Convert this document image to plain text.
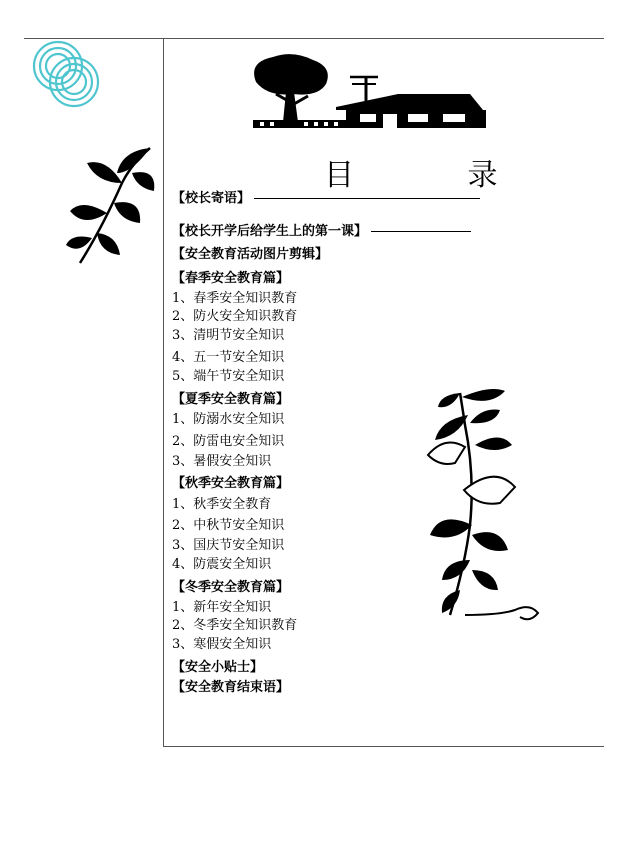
目 录
【校长寄语】
【校长开学后给学生上的第一课】
【安全教育活动图片剪辑】
【春季安全教育篇】
1、春季安全知识教育
2、防火安全知识教育
3、清明节安全知识
4、五一节安全知识
5、端午节安全知识
【夏季安全教育篇】
1、防溺水安全知识
2、防雷电安全知识
3、暑假安全知识
【秋季安全教育篇】
1、秋季安全教育
2、中秋节安全知识
3、国庆节安全知识
4、防震安全知识
【冬季安全教育篇】
1、新年安全知识
2、冬季安全知识教育
3、寒假安全知识
【安全小贴士】
【安全教育结束语】
